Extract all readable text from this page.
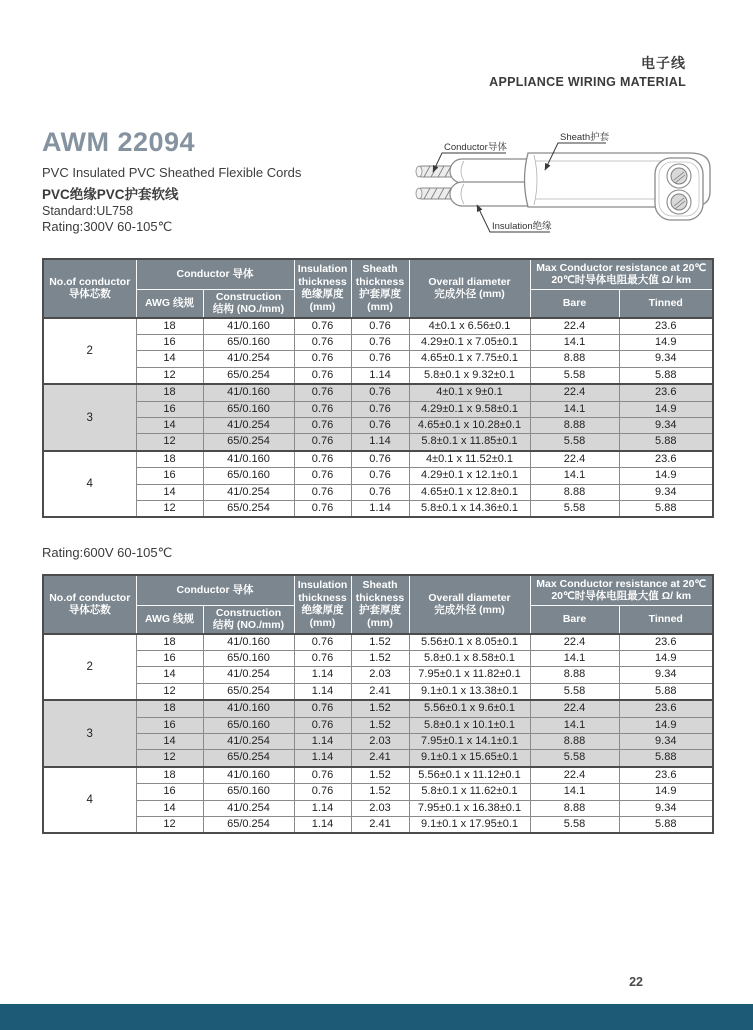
电子线
APPLIANCE WIRING MATERIAL
AWM 22094
PVC Insulated PVC Sheathed Flexible Cords
PVC绝缘PVC护套软线
Standard:UL758
Conductor导体
Sheath护套
Insulation绝缘
Rating:300V 60-105℃
Rating:600V 60-105℃
No.of conductor
导体芯数	Conductor 导体		Insulation
thickness
绝缘厚度
(mm)	Sheath
thickness
护套厚度
(mm)	Overall diameter
完成外径 (mm)	Max Conductor resistance at 20℃
20℃时导体电阻最大值 Ω/ km	
	AWG 线规	Construction
结构 (NO./mm)				Bare	Tinned
2	18	41/0.160	0.76	0.76	4±0.1 x 6.56±0.1	22.4	23.6
	16	65/0.160	0.76	0.76	4.29±0.1 x 7.05±0.1	14.1	14.9
	14	41/0.254	0.76	0.76	4.65±0.1 x 7.75±0.1	8.88	9.34
	12	65/0.254	0.76	1.14	5.8±0.1 x 9.32±0.1	5.58	5.88
3	18	41/0.160	0.76	0.76	4±0.1 x 9±0.1	22.4	23.6
	16	65/0.160	0.76	0.76	4.29±0.1 x 9.58±0.1	14.1	14.9
	14	41/0.254	0.76	0.76	4.65±0.1 x 10.28±0.1	8.88	9.34
	12	65/0.254	0.76	1.14	5.8±0.1 x 11.85±0.1	5.58	5.88
4	18	41/0.160	0.76	0.76	4±0.1 x 11.52±0.1	22.4	23.6
	16	65/0.160	0.76	0.76	4.29±0.1 x 12.1±0.1	14.1	14.9
	14	41/0.254	0.76	0.76	4.65±0.1 x 12.8±0.1	8.88	9.34
	12	65/0.254	0.76	1.14	5.8±0.1 x 14.36±0.1	5.58	5.88
No.of conductor
导体芯数	Conductor 导体		Insulation
thickness
绝缘厚度
(mm)	Sheath
thickness
护套厚度
(mm)	Overall diameter
完成外径 (mm)	Max Conductor resistance at 20℃
20℃时导体电阻最大值 Ω/ km	
	AWG 线规	Construction
结构 (NO./mm)				Bare	Tinned
2	18	41/0.160	0.76	1.52	5.56±0.1 x 8.05±0.1	22.4	23.6
	16	65/0.160	0.76	1.52	5.8±0.1 x 8.58±0.1	14.1	14.9
	14	41/0.254	1.14	2.03	7.95±0.1 x 11.82±0.1	8.88	9.34
	12	65/0.254	1.14	2.41	9.1±0.1 x 13.38±0.1	5.58	5.88
3	18	41/0.160	0.76	1.52	5.56±0.1 x 9.6±0.1	22.4	23.6
	16	65/0.160	0.76	1.52	5.8±0.1 x 10.1±0.1	14.1	14.9
	14	41/0.254	1.14	2.03	7.95±0.1 x 14.1±0.1	8.88	9.34
	12	65/0.254	1.14	2.41	9.1±0.1 x 15.65±0.1	5.58	5.88
4	18	41/0.160	0.76	1.52	5.56±0.1 x 11.12±0.1	22.4	23.6
	16	65/0.160	0.76	1.52	5.8±0.1 x 11.62±0.1	14.1	14.9
	14	41/0.254	1.14	2.03	7.95±0.1 x 16.38±0.1	8.88	9.34
	12	65/0.254	1.14	2.41	9.1±0.1 x 17.95±0.1	5.58	5.88
22
